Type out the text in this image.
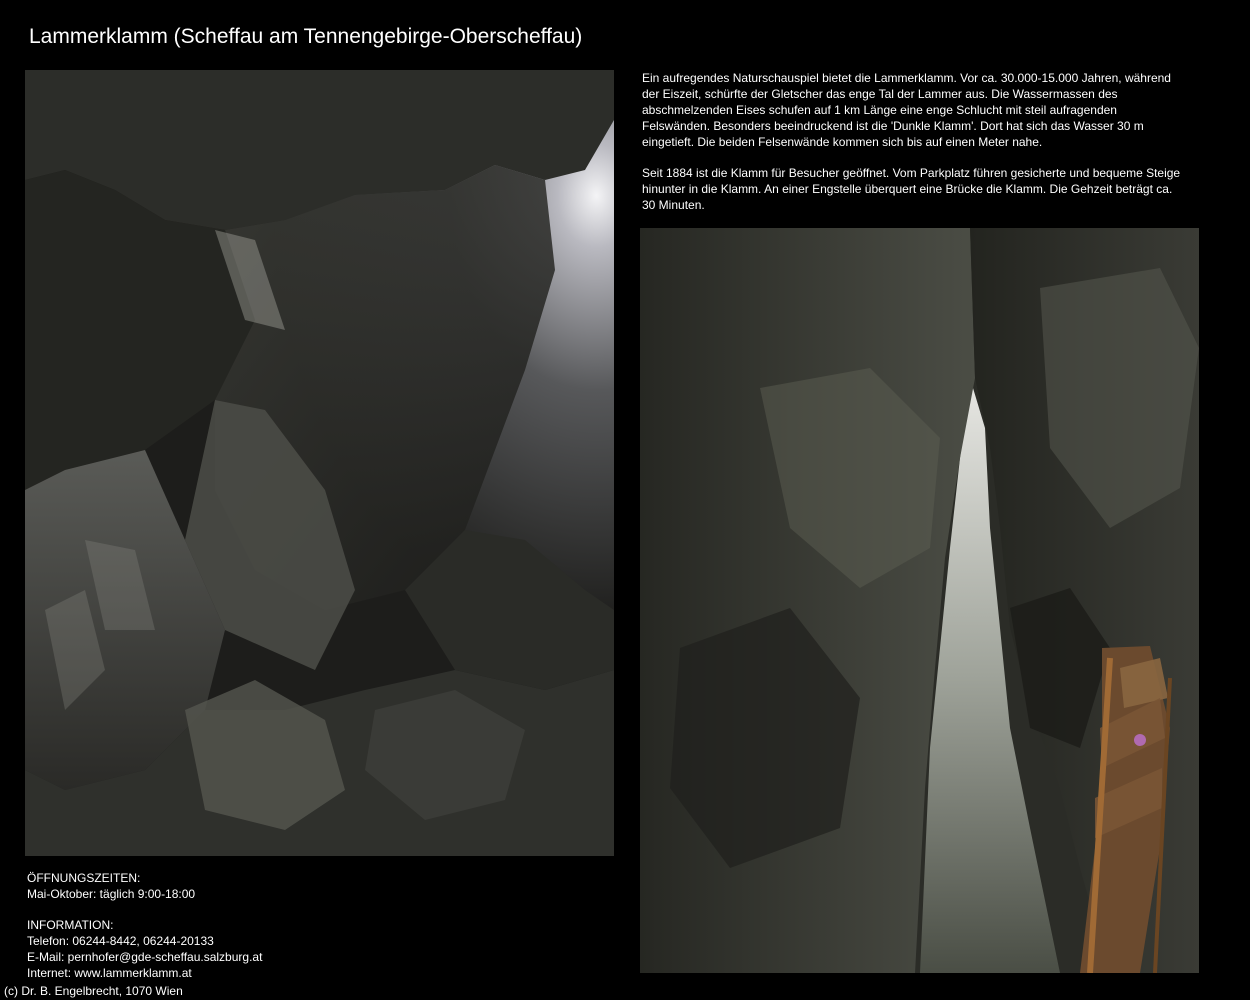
Lammerklamm (Scheffau am Tennengebirge-Oberscheffau)

Ein aufregendes Naturschauspiel bietet die Lammerklamm. Vor ca. 30.000-15.000 Jahren, während der Eiszeit, schürfte der Gletscher das enge Tal der Lammer aus. Die Wassermassen des abschmelzenden Eises schufen auf 1 km Länge eine enge Schlucht mit steil aufragenden Felswänden. Besonders beeindruckend ist die 'Dunkle Klamm'. Dort hat sich das Wasser 30 m eingetieft. Die beiden Felsenwände kommen sich bis auf einen Meter nahe.

Seit 1884 ist die Klamm für Besucher geöffnet. Vom Parkplatz führen gesicherte und bequeme Steige hinunter in die Klamm. An einer Engstelle überquert eine Brücke die Klamm. Die Gehzeit beträgt ca. 30 Minuten.

ÖFFNUNGSZEITEN:
Mai-Oktober: täglich 9:00-18:00
INFORMATION:
Telefon: 06244-8442, 06244-20133
E-Mail: pernhofer@gde-scheffau.salzburg.at
Internet: www.lammerklamm.at
(c) Dr. B. Engelbrecht, 1070 Wien
